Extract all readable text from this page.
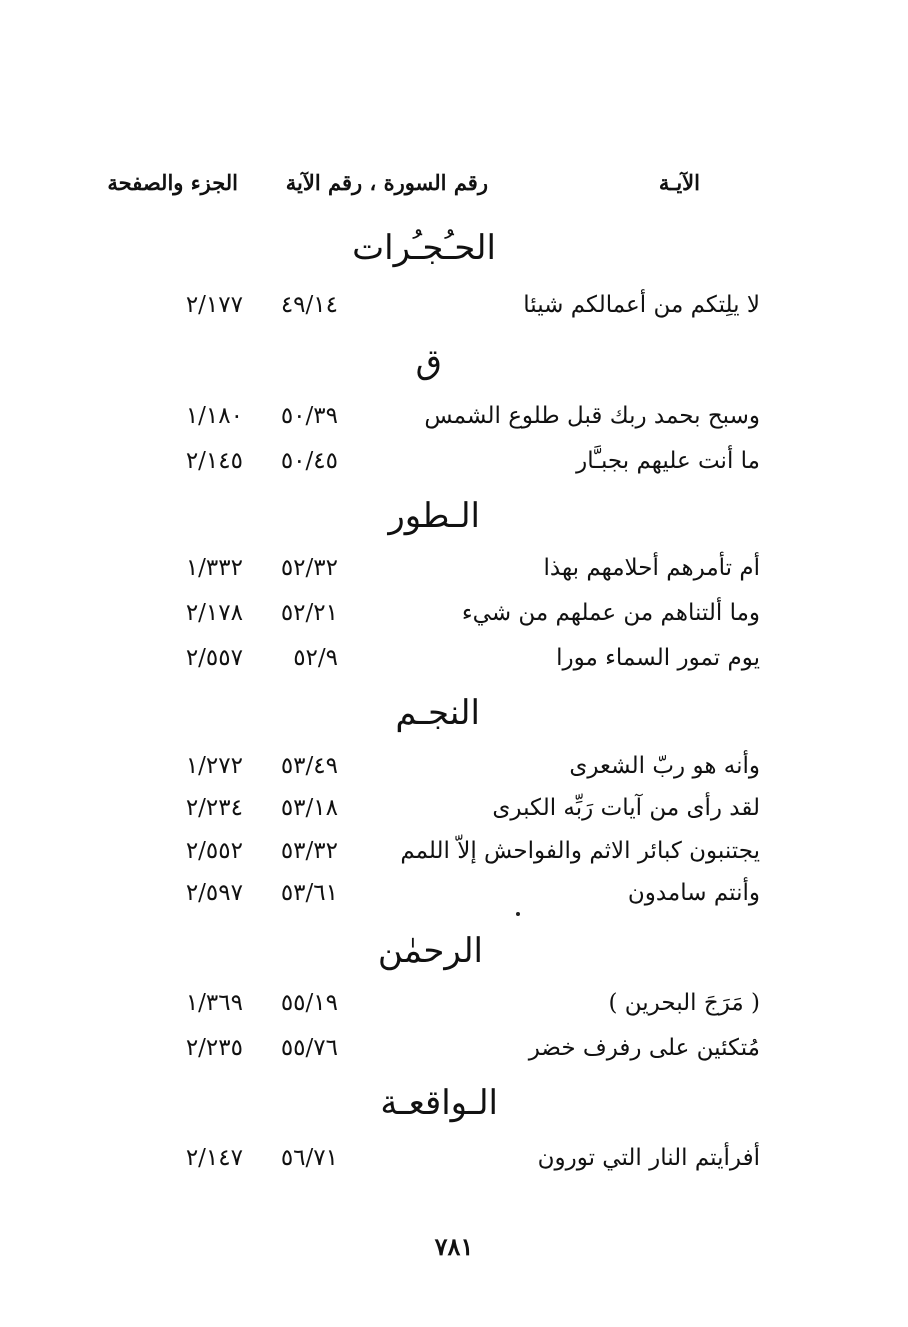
الآيـة
رقم السورة ، رقم الآية
الجزء والصفحة
الحـُجـُرات
لا يلِتكم من أعمالكم شيئا
٤٩/١٤
٢/١٧٧
ق
وسبح بحمد ربك قبل طلوع الشمس
٥٠/٣٩
١/١٨٠
ما أنت عليهم بجبـَّار
٥٠/٤٥
٢/١٤٥
الـطور
أم تأمرهم أحلامهم بهذا
٥٢/٣٢
١/٣٣٢
وما ألتناهم من عملهم من شيء
٥٢/٢١
٢/١٧٨
يوم تمور السماء مورا
٥٢/٩
٢/٥٥٧
النجـم
وأنه هو ربّ الشعرى
٥٣/٤٩
١/٢٧٢
لقد رأى من آيات رَبِّه الكبرى
٥٣/١٨
٢/٢٣٤
يجتنبون كبائر الاثم والفواحش إلاّ اللمم
٥٣/٣٢
٢/٥٥٢
وأنتم سامدون
٥٣/٦١
٢/٥٩٧
الرحمٰن
( مَرَجَ البحرين )
٥٥/١٩
١/٣٦٩
مُتكئين على رفرف خضر
٥٥/٧٦
٢/٢٣٥
الـواقعـة
أفرأيتم النار التي تورون
٥٦/٧١
٢/١٤٧
٧٨١
